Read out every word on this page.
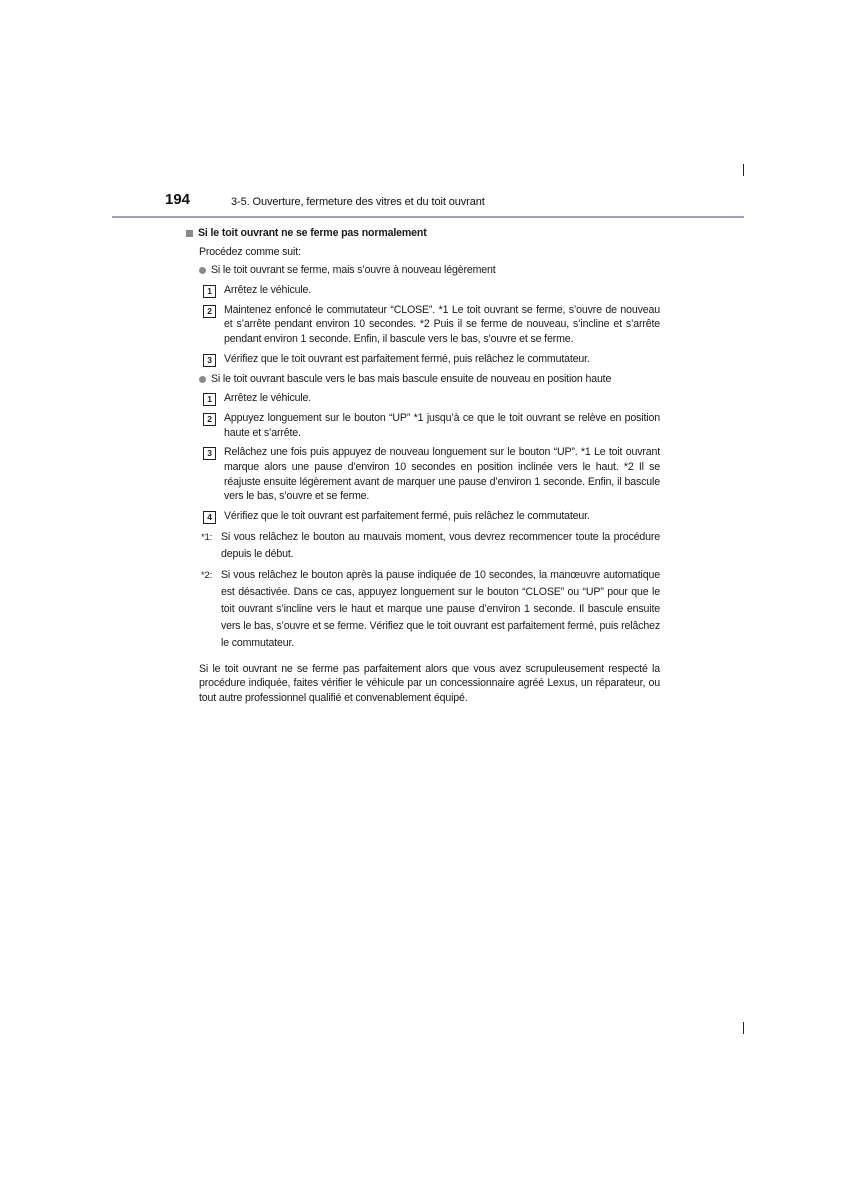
194	3-5. Ouverture, fermeture des vitres et du toit ouvrant
Si le toit ouvrant ne se ferme pas normalement
Procédez comme suit:
Si le toit ouvrant se ferme, mais s’ouvre à nouveau légèrement
1	Arrêtez le véhicule.
2	Maintenez enfoncé le commutateur “CLOSE”. *1 Le toit ouvrant se ferme, s’ouvre de nouveau et s’arrête pendant environ 10 secondes. *2 Puis il se ferme de nouveau, s’incline et s’arrête pendant environ 1 seconde. Enfin, il bascule vers le bas, s’ouvre et se ferme.
3	Vérifiez que le toit ouvrant est parfaitement fermé, puis relâchez le commutateur.
Si le toit ouvrant bascule vers le bas mais bascule ensuite de nouveau en position haute
1	Arrêtez le véhicule.
2	Appuyez longuement sur le bouton “UP” *1 jusqu’à ce que le toit ouvrant se relève en position haute et s’arrête.
3	Relâchez une fois puis appuyez de nouveau longuement sur le bouton “UP”. *1 Le toit ouvrant marque alors une pause d’environ 10 secondes en position inclinée vers le haut. *2 Il se réajuste ensuite légèrement avant de marquer une pause d’environ 1 seconde. Enfin, il bascule vers le bas, s’ouvre et se ferme.
4	Vérifiez que le toit ouvrant est parfaitement fermé, puis relâchez le commutateur.
*1: Si vous relâchez le bouton au mauvais moment, vous devrez recommencer toute la procédure depuis le début.
*2: Si vous relâchez le bouton après la pause indiquée de 10 secondes, la manœuvre automatique est désactivée. Dans ce cas, appuyez longuement sur le bouton “CLOSE” ou “UP” pour que le toit ouvrant s’incline vers le haut et marque une pause d’environ 1 seconde. Il bascule ensuite vers le bas, s’ouvre et se ferme. Vérifiez que le toit ouvrant est parfaitement fermé, puis relâchez le commutateur.
Si le toit ouvrant ne se ferme pas parfaitement alors que vous avez scrupuleusement respecté la procédure indiquée, faites vérifier le véhicule par un concessionnaire agréé Lexus, un réparateur, ou tout autre professionnel qualifié et convenablement équipé.
